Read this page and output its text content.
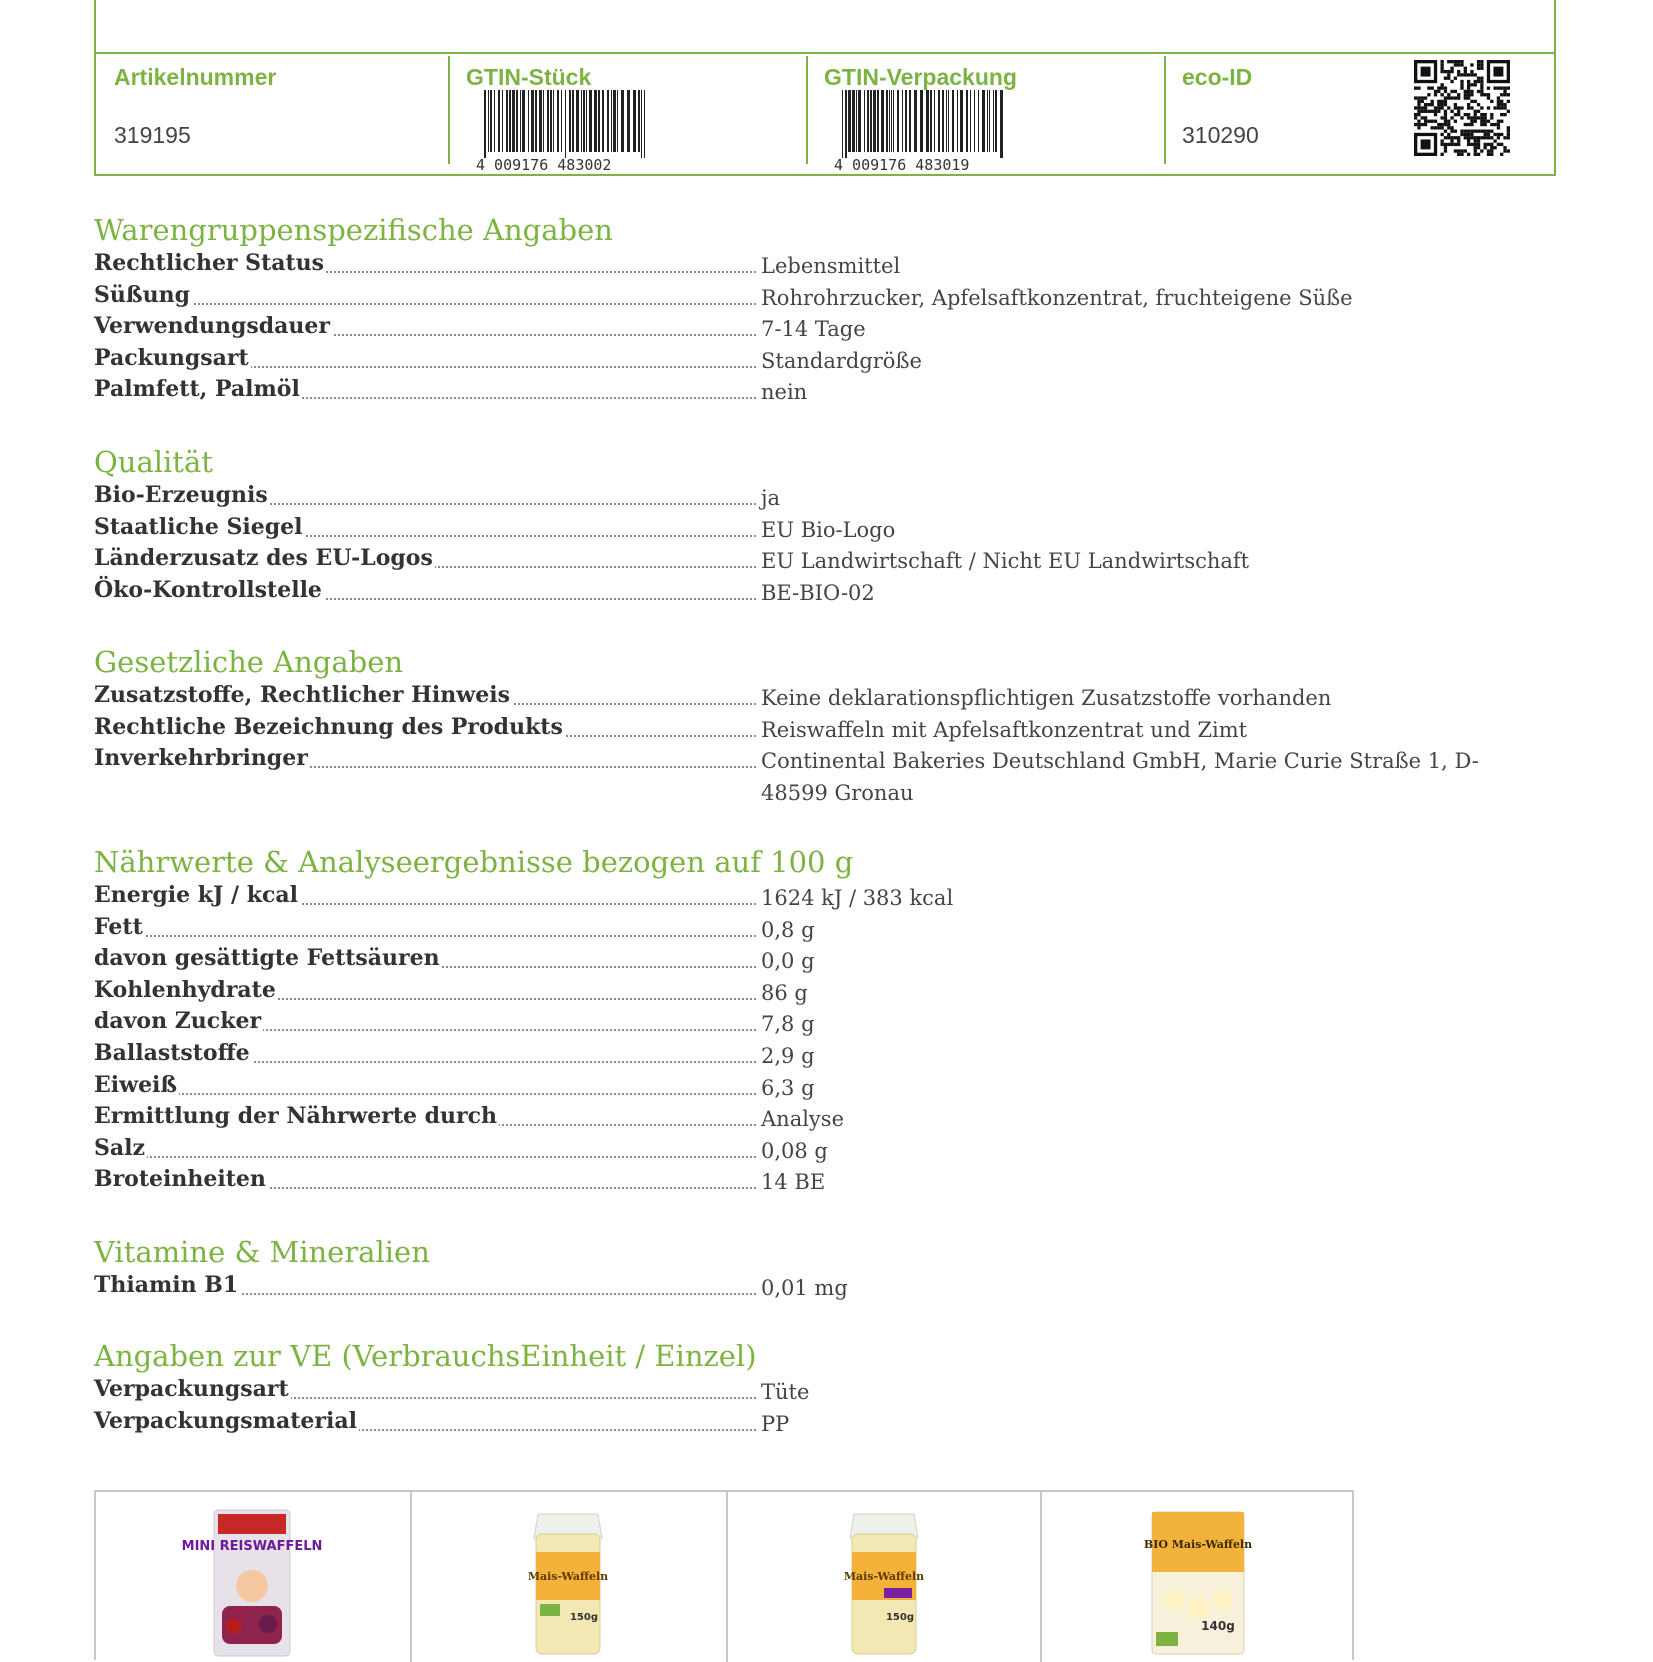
Artikelnummer
319195
GTIN-Stück
4 009176 483002
GTIN-Verpackung
4 009176 483019
eco-ID
310290
Warengruppenspezifische Angaben
Rechtlicher Status	Lebensmittel
Süßung	Rohrohrzucker, Apfelsaftkonzentrat, fruchteigene Süße
Verwendungsdauer	7-14 Tage
Packungsart	Standardgröße
Palmfett, Palmöl	nein
Qualität
Bio-Erzeugnis	ja
Staatliche Siegel	EU Bio-Logo
Länderzusatz des EU-Logos	EU Landwirtschaft / Nicht EU Landwirtschaft
Öko-Kontrollstelle	BE-BIO-02
Gesetzliche Angaben
Zusatzstoffe, Rechtlicher Hinweis	Keine deklarationspflichtigen Zusatzstoffe vorhanden
Rechtliche Bezeichnung des Produkts	Reiswaffeln mit Apfelsaftkonzentrat und Zimt
Inverkehrbringer	Continental Bakeries Deutschland GmbH, Marie Curie Straße 1, D-48599 Gronau
Nährwerte & Analyseergebnisse bezogen auf 100 g
Energie kJ / kcal	1624 kJ / 383 kcal
Fett	0,8 g
davon gesättigte Fettsäuren	0,0 g
Kohlenhydrate	86 g
davon Zucker	7,8 g
Ballaststoffe	2,9 g
Eiweiß	6,3 g
Ermittlung der Nährwerte durch	Analyse
Salz	0,08 g
Broteinheiten	14 BE
Vitamine & Mineralien
Thiamin B1	0,01 mg
Angaben zur VE (VerbrauchsEinheit / Einzel)
Verpackungsart	Tüte
Verpackungsmaterial	PP
MINI REISWAFFELN
Mais-Waffeln
150g
Mais-Waffeln
150g
BIO Mais-Waffeln
140g
